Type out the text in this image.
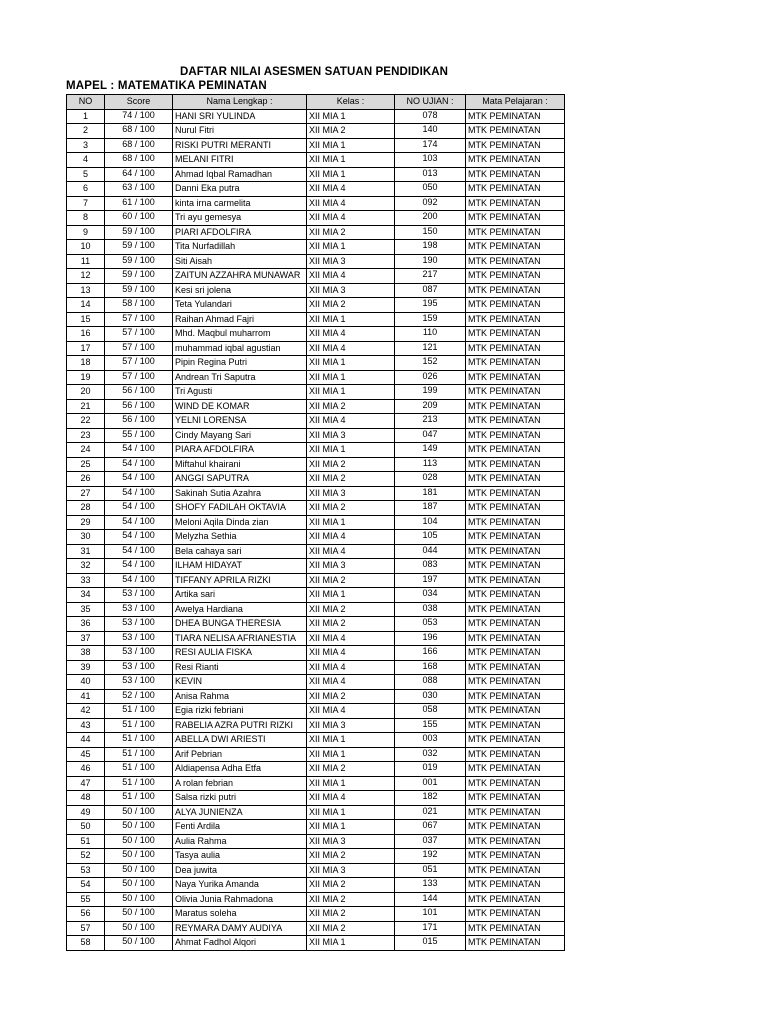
DAFTAR NILAI ASESMEN SATUAN PENDIDIKAN
MAPEL : MATEMATIKA PEMINATAN
NO	Score	Nama Lengkap :	Kelas :	NO UJIAN :	Mata Pelajaran :
1	74 / 100	HANI SRI YULINDA	XII MIA 1	078	MTK PEMINATAN
2	68 / 100	Nurul Fitri	XII MIA 2	140	MTK PEMINATAN
3	68 / 100	RISKI PUTRI MERANTI	XII MIA 1	174	MTK PEMINATAN
4	68 / 100	MELANI FITRI	XII MIA 1	103	MTK PEMINATAN
5	64 / 100	Ahmad Iqbal Ramadhan	XII MIA 1	013	MTK PEMINATAN
6	63 / 100	Danni Eka putra	XII MIA 4	050	MTK PEMINATAN
7	61 / 100	kinta irna carmelita	XII MIA 4	092	MTK PEMINATAN
8	60 / 100	Tri ayu gemesya	XII MIA 4	200	MTK PEMINATAN
9	59 / 100	PIARI AFDOLFIRA	XII MIA 2	150	MTK PEMINATAN
10	59 / 100	Tita Nurfadillah	XII MIA 1	198	MTK PEMINATAN
11	59 / 100	Siti Aisah	XII MIA 3	190	MTK PEMINATAN
12	59 / 100	ZAITUN AZZAHRA MUNAWAR	XII MIA 4	217	MTK PEMINATAN
13	59 / 100	Kesi sri jolena	XII MIA 3	087	MTK PEMINATAN
14	58 / 100	Teta Yulandari	XII MIA 2	195	MTK PEMINATAN
15	57 / 100	Raihan Ahmad Fajri	XII MIA 1	159	MTK PEMINATAN
16	57 / 100	Mhd. Maqbul muharrom	XII MIA 4	110	MTK PEMINATAN
17	57 / 100	muhammad iqbal agustian	XII MIA 4	121	MTK PEMINATAN
18	57 / 100	Pipin Regina Putri	XII MIA 1	152	MTK PEMINATAN
19	57 / 100	Andrean Tri Saputra	XII MIA 1	026	MTK PEMINATAN
20	56 / 100	Tri Agusti	XII MIA 1	199	MTK PEMINATAN
21	56 / 100	WIND DE KOMAR	XII MIA 2	209	MTK PEMINATAN
22	56 / 100	YELNI LORENSA	XII MIA 4	213	MTK PEMINATAN
23	55 / 100	Cindy Mayang Sari	XII MIA 3	047	MTK PEMINATAN
24	54 / 100	PIARA AFDOLFIRA	XII MIA 1	149	MTK PEMINATAN
25	54 / 100	Miftahul khairani	XII MIA 2	113	MTK PEMINATAN
26	54 / 100	ANGGI SAPUTRA	XII MIA 2	028	MTK PEMINATAN
27	54 / 100	Sakinah Sutia Azahra	XII MIA 3	181	MTK PEMINATAN
28	54 / 100	SHOFY FADILAH OKTAVIA	XII MIA 2	187	MTK PEMINATAN
29	54 / 100	Meloni Aqila Dinda zian	XII MIA 1	104	MTK PEMINATAN
30	54 / 100	Melyzha Sethia	XII MIA 4	105	MTK PEMINATAN
31	54 / 100	Bela cahaya sari	XII MIA 4	044	MTK PEMINATAN
32	54 / 100	ILHAM HIDAYAT	XII MIA 3	083	MTK PEMINATAN
33	54 / 100	TIFFANY APRILA RIZKI	XII MIA 2	197	MTK PEMINATAN
34	53 / 100	Artika sari	XII MIA 1	034	MTK PEMINATAN
35	53 / 100	Awelya Hardiana	XII MIA 2	038	MTK PEMINATAN
36	53 / 100	DHEA BUNGA THERESIA	XII MIA 2	053	MTK PEMINATAN
37	53 / 100	TIARA NELISA AFRIANESTIA	XII MIA 4	196	MTK PEMINATAN
38	53 / 100	RESI AULIA FISKA	XII MIA 4	166	MTK PEMINATAN
39	53 / 100	Resi Rianti	XII MIA 4	168	MTK PEMINATAN
40	53 / 100	KEVIN	XII MIA 4	088	MTK PEMINATAN
41	52 / 100	Anisa Rahma	XII MIA 2	030	MTK PEMINATAN
42	51 / 100	Egia rizki febriani	XII MIA 4	058	MTK PEMINATAN
43	51 / 100	RABELIA AZRA PUTRI RIZKI	XII MIA 3	155	MTK PEMINATAN
44	51 / 100	ABELLA DWI ARIESTI	XII MIA 1	003	MTK PEMINATAN
45	51 / 100	Arif Pebrian	XII MIA 1	032	MTK PEMINATAN
46	51 / 100	Aldiapensa Adha Etfa	XII MIA 2	019	MTK PEMINATAN
47	51 / 100	A rolan febrian	XII MIA 1	001	MTK PEMINATAN
48	51 / 100	Salsa rizki putri	XII MIA 4	182	MTK PEMINATAN
49	50 / 100	ALYA JUNIENZA	XII MIA 1	021	MTK PEMINATAN
50	50 / 100	Fenti Ardila	XII MIA 1	067	MTK PEMINATAN
51	50 / 100	Aulia Rahma	XII MIA 3	037	MTK PEMINATAN
52	50 / 100	Tasya aulia	XII MIA 2	192	MTK PEMINATAN
53	50 / 100	Dea juwita	XII MIA 3	051	MTK PEMINATAN
54	50 / 100	Naya Yurika Amanda	XII MIA 2	133	MTK PEMINATAN
55	50 / 100	Olivia Junia Rahmadona	XII MIA 2	144	MTK PEMINATAN
56	50 / 100	Maratus soleha	XII MIA 2	101	MTK PEMINATAN
57	50 / 100	REYMARA DAMY AUDIYA	XII MIA 2	171	MTK PEMINATAN
58	50 / 100	Ahmat Fadhol Alqori	XII MIA 1	015	MTK PEMINATAN
